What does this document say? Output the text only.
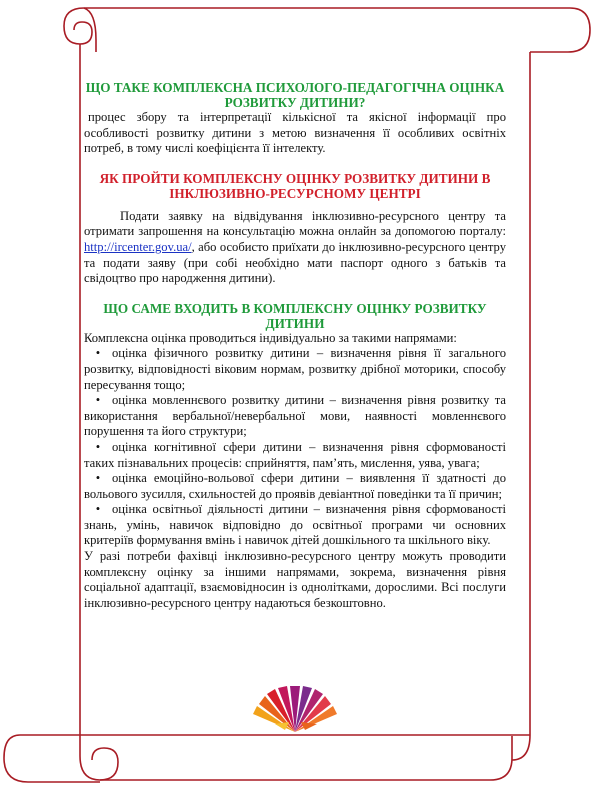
ЩО ТАКЕ КОМПЛЕКСНА ПСИХОЛОГО-ПЕДАГОГІЧНА ОЦІНКА РОЗВИТКУ ДИТИНИ?

процес збору та інтерпретації кількісної та якісної інформації про особливості розвитку дитини з метою визначення її особливих освітніх потреб, в тому числі коефіцієнта її інтелекту.

ЯК ПРОЙТИ КОМПЛЕКСНУ ОЦІНКУ РОЗВИТКУ ДИТИНИ В ІНКЛЮЗИВНО-РЕСУРСНОМУ ЦЕНТРІ

Подати заявку на відвідування інклюзивно-ресурсного центру та отримати запрошення на консультацію можна онлайн за допомогою порталу: http://ircenter.gov.ua/, або особисто приїхати до інклюзивно-ресурсного центру та подати заяву (при собі необхідно мати паспорт одного з батьків та свідоцтво про народження дитини).

ЩО САМЕ ВХОДИТЬ В КОМПЛЕКСНУ ОЦІНКУ РОЗВИТКУ ДИТИНИ

Комплексна оцінка проводиться індивідуально за такими напрямами:

• оцінка фізичного розвитку дитини – визначення рівня її загального розвитку, відповідності віковим нормам, розвитку дрібної моторики, способу пересування тощо;
• оцінка мовленнєвого розвитку дитини – визначення рівня розвитку та використання вербальної/невербальної мови, наявності мовленнєвого порушення та його структури;
• оцінка когнітивної сфери дитини – визначення рівня сформованості таких пізнавальних процесів: сприйняття, пам’ять, мислення, уява, увага;
• оцінка емоційно-вольової сфери дитини – виявлення її здатності до вольового зусилля, схильностей до проявів девіантної поведінки та її причин;
• оцінка освітньої діяльності дитини – визначення рівня сформованості знань, умінь, навичок відповідно до освітньої програми чи основних критеріїв формування вмінь і навичок дітей дошкільного та шкільного віку.

У разі потреби фахівці інклюзивно-ресурсного центру можуть проводити комплексну оцінку за іншими напрямами, зокрема, визначення рівня соціальної адаптації, взаємовідносин із однолітками, дорослими. Всі послуги інклюзивно-ресурсного центру надаються безкоштовно.
